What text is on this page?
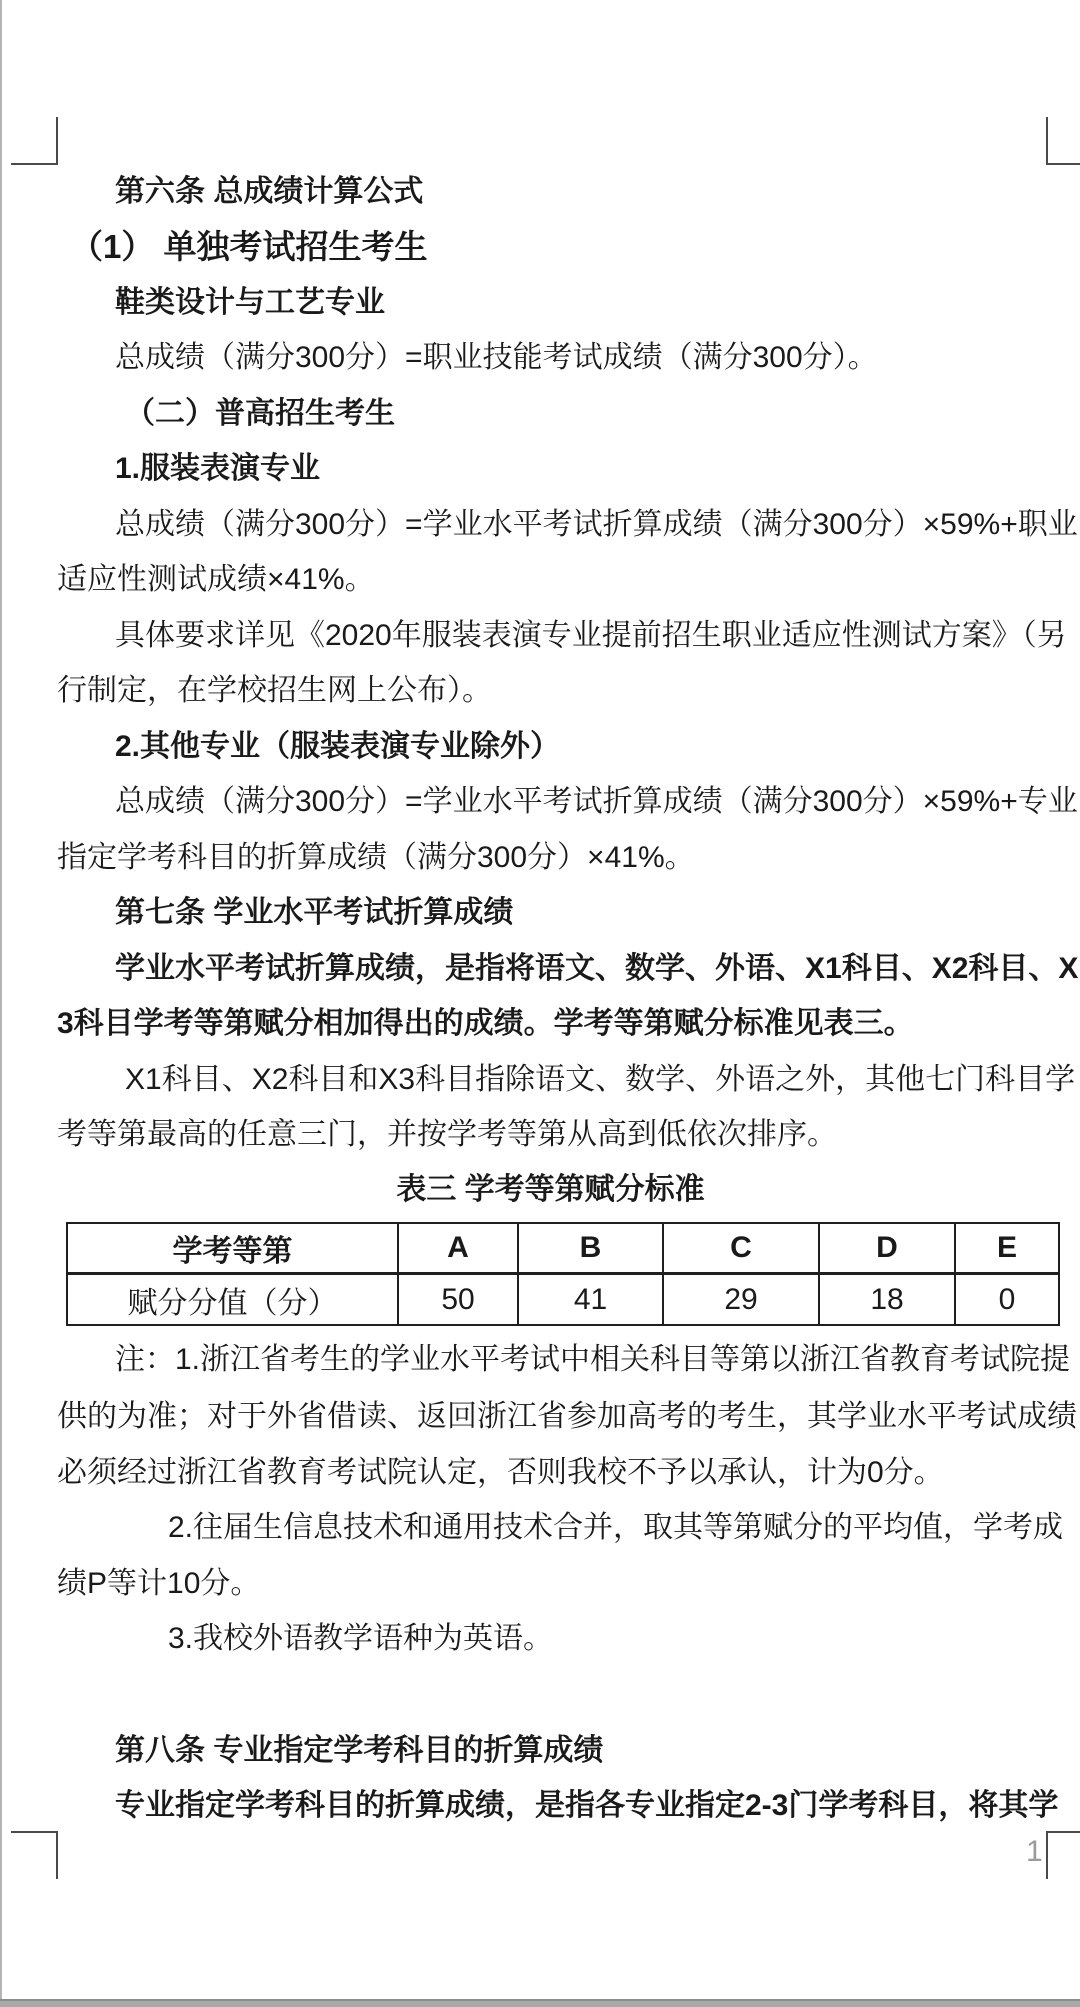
第六条 总成绩计算公式
（1） 单独考试招生考生
鞋类设计与工艺专业
总成绩（满分300分）=职业技能考试成绩（满分300分）。
（二）普高招生考生
1.服装表演专业
总成绩（满分300分）=学业水平考试折算成绩（满分300分）×59%+职业
适应性测试成绩×41%。
具体要求详见《2020年服装表演专业提前招生职业适应性测试方案》（另
行制定，在学校招生网上公布）。
2.其他专业（服装表演专业除外）
总成绩（满分300分）=学业水平考试折算成绩（满分300分）×59%+专业
指定学考科目的折算成绩（满分300分）×41%。
第七条 学业水平考试折算成绩
学业水平考试折算成绩，是指将语文、数学、外语、X1科目、X2科目、X
3科目学考等第赋分相加得出的成绩。学考等第赋分标准见表三。
X1科目、X2科目和X3科目指除语文、数学、外语之外，其他七门科目学
考等第最高的任意三门，并按学考等第从高到低依次排序。
表三 学考等第赋分标准
学考等第	A	B	C	D	E
赋分分值（分）	50	41	29	18	0
注：1.浙江省考生的学业水平考试中相关科目等第以浙江省教育考试院提
供的为准；对于外省借读、返回浙江省参加高考的考生，其学业水平考试成绩
必须经过浙江省教育考试院认定，否则我校不予以承认，计为0分。
2.往届生信息技术和通用技术合并，取其等第赋分的平均值，学考成
绩P等计10分。
3.我校外语教学语种为英语。
第八条 专业指定学考科目的折算成绩
专业指定学考科目的折算成绩，是指各专业指定2-3门学考科目，将其学
1
